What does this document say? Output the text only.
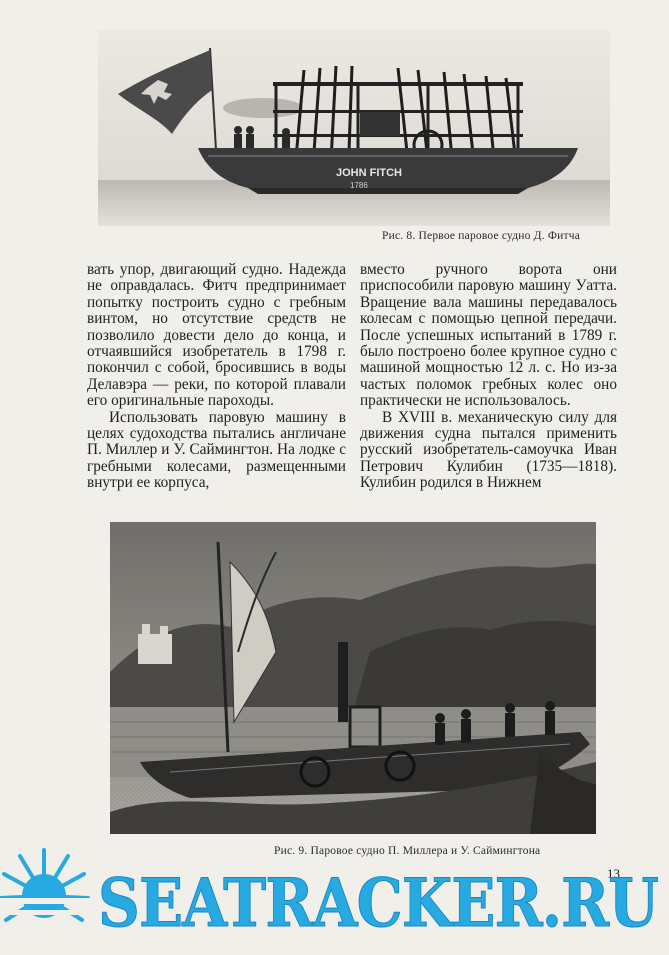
JOHN FITCH
1786
Рис. 8. Первое паровое судно Д. Фитча

вать упор, двигающий судно. Надежда не оправдалась. Фитч предпринимает попытку построить судно с гребным винтом, но отсутствие средств не позволило довести дело до конца, и отчаявшийся изобретатель в 1798 г. покончил с собой, бросившись в воды Делавэра — реки, по которой плавали его оригинальные пароходы.

Использовать паровую машину в целях судоходства пытались англичане П. Миллер и У. Саймингтон. На лодке с гребными колесами, размещенными внутри ее корпуса,

вместо ручного ворота они приспособили паровую машину Уатта. Вращение вала машины передавалось колесам с помощью цепной передачи. После успешных испытаний в 1789 г. было построено более крупное судно с машиной мощностью 12 л. с. Но из-за частых поломок гребных колес оно практически не использовалось.

В XVIII в. механическую силу для движения судна пытался применить русский изобретатель-самоучка Иван Петрович Кулибин (1735—1818). Кулибин родился в Нижнем

Рис. 9. Паровое судно П. Миллера и У. Саймингтона
13
SEATRACKER.RU
